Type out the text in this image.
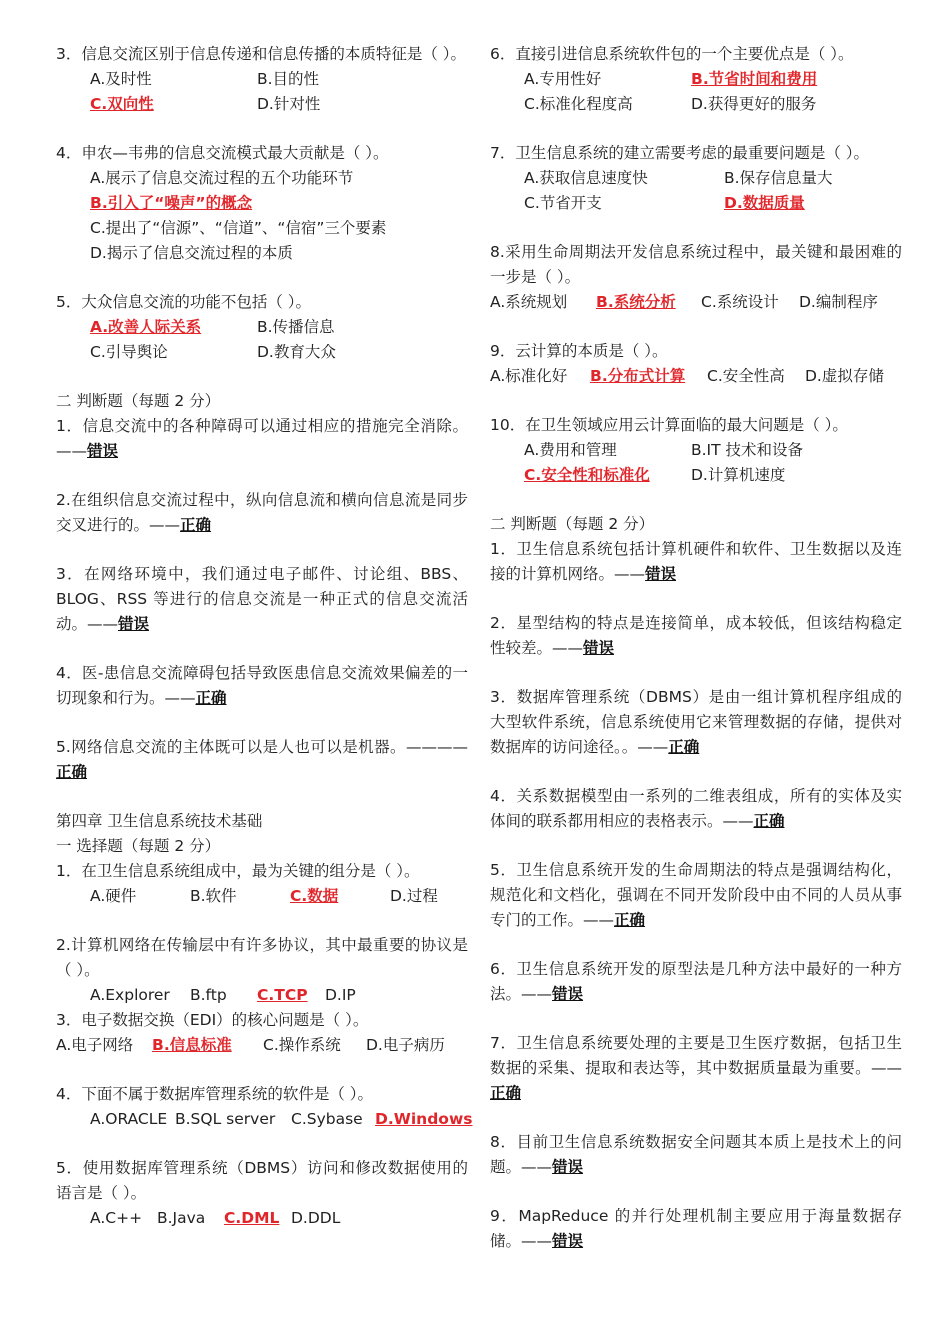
3．信息交流区别于信息传递和信息传播的本质特征是（ ）。

A.及时性	B.目的性
C.双向性	D.针对性

4．申农—韦弗的信息交流模式最大贡献是（ ）。

A.展示了信息交流过程的五个功能环节
B.引入了“噪声”的概念
C.提出了“信源”、“信道”、“信宿”三个要素
D.揭示了信息交流过程的本质

5．大众信息交流的功能不包括（ ）。

A.改善人际关系	B.传播信息
C.引导舆论	D.教育大众

二 判断题（每题 2 分）

1．信息交流中的各种障碍可以通过相应的措施完全消除。——错误

2.在组织信息交流过程中，纵向信息流和横向信息流是同步交叉进行的。——正确

3．在网络环境中，我们通过电子邮件、讨论组、BBS、BLOG、RSS 等进行的信息交流是一种正式的信息交流活动。——错误

4．医-患信息交流障碍包括导致医患信息交流效果偏差的一切现象和行为。——正确

5.网络信息交流的主体既可以是人也可以是机器。————正确

第四章 卫生信息系统技术基础

一 选择题（每题 2 分）

1．在卫生信息系统组成中，最为关键的组分是（ ）。

A.硬件	B.软件	C.数据	D.过程

2.计算机网络在传输层中有许多协议，其中最重要的协议是（ ）。

A.Explorer	B.ftp	C.TCP	D.IP

3．电子数据交换（EDI）的核心问题是（ ）。

A.电子网络	B.信息标准	C.操作系统	D.电子病历

4．下面不属于数据库管理系统的软件是（ ）。

A.ORACLE B.SQL server	C.Sybase D.Windows

5．使用数据库管理系统（DBMS）访问和修改数据使用的语言是（ ）。

A.C++ B.Java	C.DML D.DDL

6．直接引进信息系统软件包的一个主要优点是（ ）。

A.专用性好	B.节省时间和费用
C.标准化程度高	D.获得更好的服务

7．卫生信息系统的建立需要考虑的最重要问题是（ ）。

A.获取信息速度快	B.保存信息量大
C.节省开支	D.数据质量

8.采用生命周期法开发信息系统过程中，最关键和最困难的一步是（ ）。

A.系统规划	B.系统分析	C.系统设计	D.编制程序

9．云计算的本质是（ ）。

A.标准化好	B.分布式计算	C.安全性高	D.虚拟存储

10．在卫生领域应用云计算面临的最大问题是（ ）。

A.费用和管理	B.IT 技术和设备
C.安全性和标准化	D.计算机速度

二 判断题（每题 2 分）

1．卫生信息系统包括计算机硬件和软件、卫生数据以及连接的计算机网络。——错误

2．星型结构的特点是连接简单，成本较低，但该结构稳定性较差。——错误

3．数据库管理系统（DBMS）是由一组计算机程序组成的大型软件系统，信息系统使用它来管理数据的存储，提供对数据库的访问途径。。——正确

4．关系数据模型由一系列的二维表组成，所有的实体及实体间的联系都用相应的表格表示。——正确

5．卫生信息系统开发的生命周期法的特点是强调结构化，规范化和文档化，强调在不同开发阶段中由不同的人员从事专门的工作。——正确

6．卫生信息系统开发的原型法是几种方法中最好的一种方法。——错误

7．卫生信息系统要处理的主要是卫生医疗数据，包括卫生数据的采集、提取和表达等，其中数据质量最为重要。——正确

8．目前卫生信息系统数据安全问题其本质上是技术上的问题。——错误

9．MapReduce 的并行处理机制主要应用于海量数据存储。——错误
